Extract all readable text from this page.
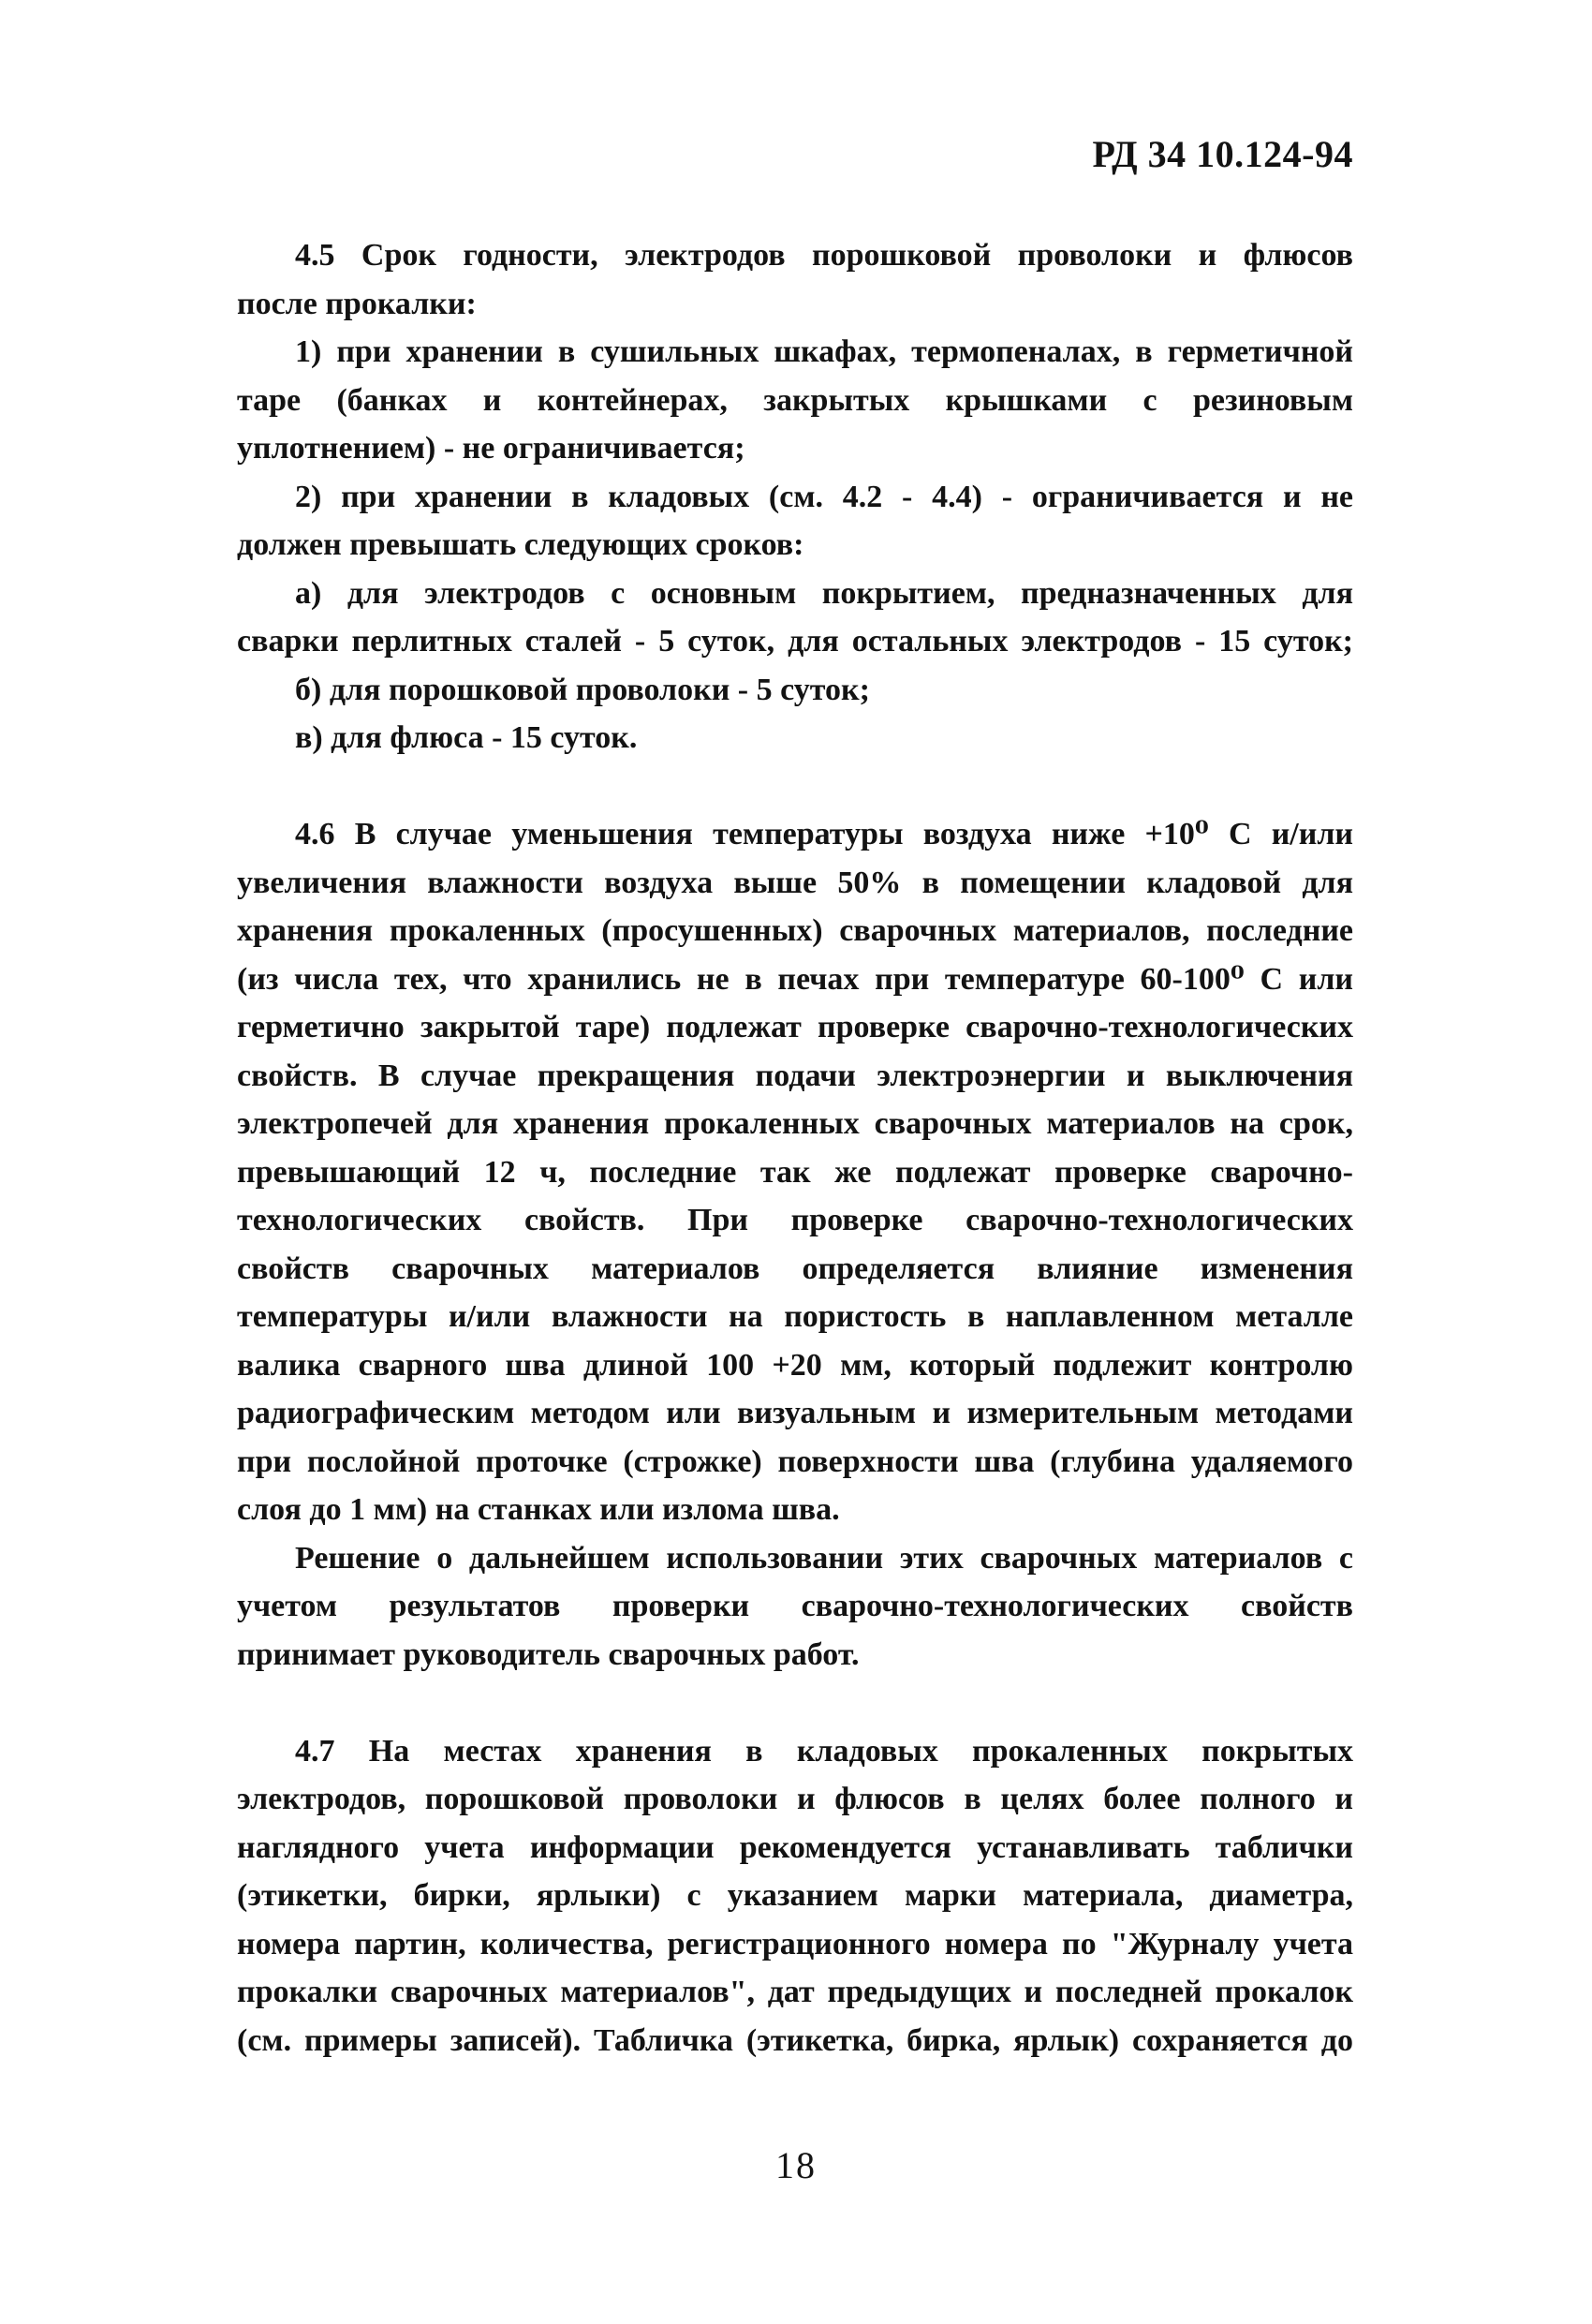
РД 34 10.124-94
4.5 Срок годности, электродов порошковой проволоки и флюсов
после прокалки:
1) при хранении в сушильных шкафах, термопеналах, в герметичной
таре (банках и контейнерах, закрытых крышками с резиновым
уплотнением) - не ограничивается;
2) при хранении в кладовых (см. 4.2 - 4.4) - ограничивается и не
должен превышать следующих сроков:
а) для электродов с основным покрытием, предназначенных для
сварки перлитных сталей - 5 суток, для остальных электродов - 15 суток;
б) для порошковой проволоки - 5 суток;
в) для флюса - 15 суток.
4.6 В случае уменьшения температуры воздуха ниже +10⁰ С и/или
увеличения влажности воздуха выше 50% в помещении кладовой для
хранения прокаленных (просушенных) сварочных материалов, последние
(из числа тех, что хранились не в печах при температуре 60-100⁰ С или
герметично закрытой таре) подлежат проверке сварочно-технологических
свойств. В случае прекращения подачи электроэнергии и выключения
электропечей для хранения прокаленных сварочных материалов на срок,
превышающий 12 ч, последние так же подлежат проверке сварочно-
технологических свойств. При проверке сварочно-технологических
свойств сварочных материалов определяется влияние изменения
температуры и/или влажности на пористость в наплавленном металле
валика сварного шва длиной 100 +20 мм, который подлежит контролю
радиографическим методом или визуальным и измерительным методами
при послойной проточке (строжке) поверхности шва (глубина удаляемого
слоя до 1 мм) на станках или излома шва.
Решение о дальнейшем использовании этих сварочных материалов с
учетом результатов проверки сварочно-технологических свойств
принимает руководитель сварочных работ.
4.7 На местах хранения в кладовых прокаленных покрытых
электродов, порошковой проволоки и флюсов в целях более полного и
наглядного учета информации рекомендуется устанавливать таблички
(этикетки, бирки, ярлыки) с указанием марки материала, диаметра,
номера партин, количества, регистрационного номера по "Журналу учета
прокалки сварочных материалов", дат предыдущих и последней прокалок
(см. примеры записей). Табличка (этикетка, бирка, ярлык) сохраняется до
18
